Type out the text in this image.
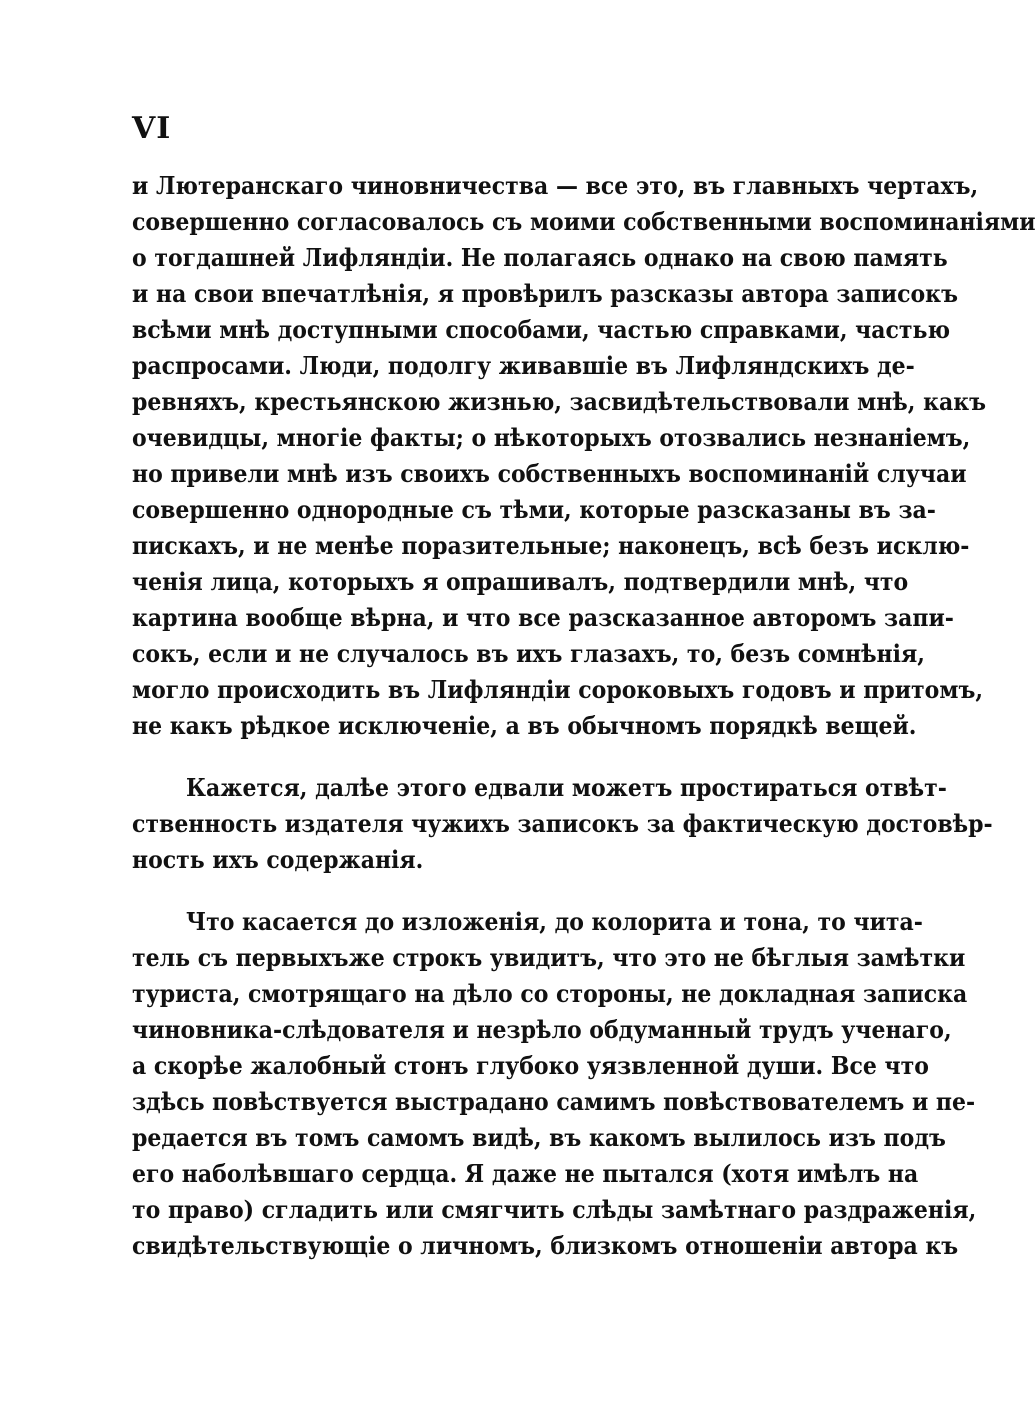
VI

и Лютеранскаго чиновничества — все это, въ главныхъ чертахъ,
совершенно согласовалось съ моими собственными воспоминаніями
о тогдашней Лифляндіи. Не полагаясь однако на свою память
и на свои впечатлѣнія, я провѣрилъ разсказы автора записокъ
всѣми мнѣ доступными способами, частью справками, частью
распросами. Люди, подолгу живавшіе въ Лифляндскихъ де-
ревняхъ, крестьянскою жизнью, засвидѣтельствовали мнѣ, какъ
очевидцы, многіе факты; о нѣкоторыхъ отозвались незнаніемъ,
но привели мнѣ изъ своихъ собственныхъ воспоминаній случаи
совершенно однородные съ тѣми, которые разсказаны въ за-
пискахъ, и не менѣе поразительные; наконецъ, всѣ безъ исклю-
ченія лица, которыхъ я опрашивалъ, подтвердили мнѣ, что
картина вообще вѣрна, и что все разсказанное авторомъ запи-
сокъ, если и не случалось въ ихъ глазахъ, то, безъ сомнѣнія,
могло происходить въ Лифляндіи сороковыхъ годовъ и притомъ,
не какъ рѣдкое исключеніе, а въ обычномъ порядкѣ вещей.

Кажется, далѣе этого едвали можетъ простираться отвѣт-
ственность издателя чужихъ записокъ за фактическую достовѣр-
ность ихъ содержанія.

Что касается до изложенія, до колорита и тона, то чита-
тель съ первыхъже строкъ увидитъ, что это не бѣглыя замѣтки
туриста, смотрящаго на дѣло со стороны, не докладная записка
чиновника-слѣдователя и незрѣло обдуманный трудъ ученаго,
а скорѣе жалобный стонъ глубоко уязвленной души. Все что
здѣсь повѣствуется выстрадано самимъ повѣствователемъ и пе-
редается въ томъ самомъ видѣ, въ какомъ вылилось изъ подъ
его наболѣвшаго сердца. Я даже не пытался (хотя имѣлъ на
то право) сгладить или смягчить слѣды замѣтнаго раздраженія,
свидѣтельствующіе о личномъ, близкомъ отношеніи автора къ
